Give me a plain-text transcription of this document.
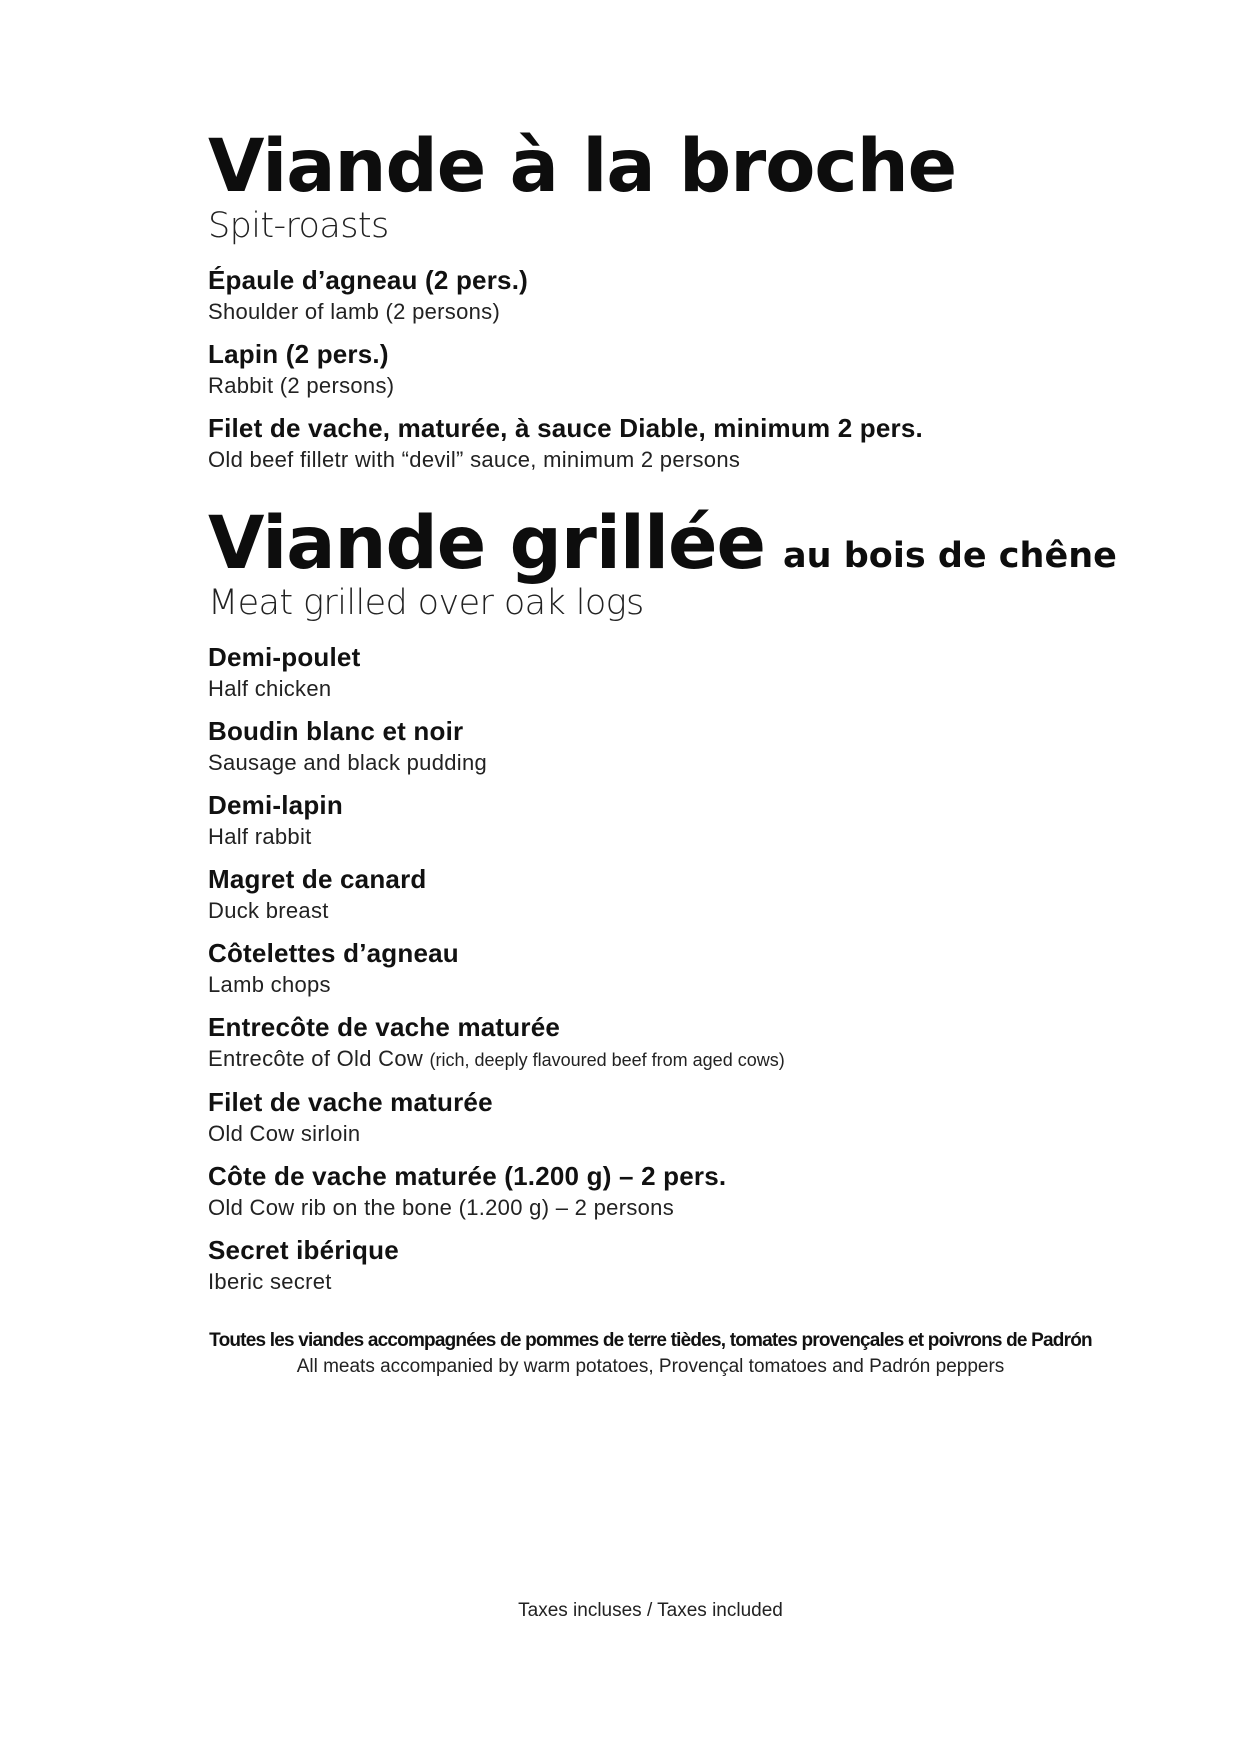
Viande à la broche
Spit-roasts
Épaule d’agneau (2 pers.)
Shoulder of lamb (2 persons)
Lapin (2 pers.)
Rabbit (2 persons)
Filet de vache, maturée, à sauce Diable, minimum 2 pers.
Old beef filletr with “devil” sauce, minimum 2 persons
Viande grillée au bois de chêne
Meat grilled over oak logs
Demi-poulet
Half chicken
Boudin blanc et noir
Sausage and black pudding
Demi-lapin
Half rabbit
Magret de canard
Duck breast
Côtelettes d’agneau
Lamb chops
Entrecôte de vache maturée
Entrecôte of Old Cow (rich, deeply flavoured beef from aged cows)
Filet de vache maturée
Old Cow sirloin
Côte de vache maturée (1.200 g) – 2 pers.
Old Cow rib on the bone (1.200 g) – 2 persons
Secret ibérique
Iberic secret
Toutes les viandes accompagnées de pommes de terre tièdes, tomates provençales et poivrons de Padrón
All meats accompanied by warm potatoes, Provençal tomatoes and Padrón peppers
Taxes incluses / Taxes included
